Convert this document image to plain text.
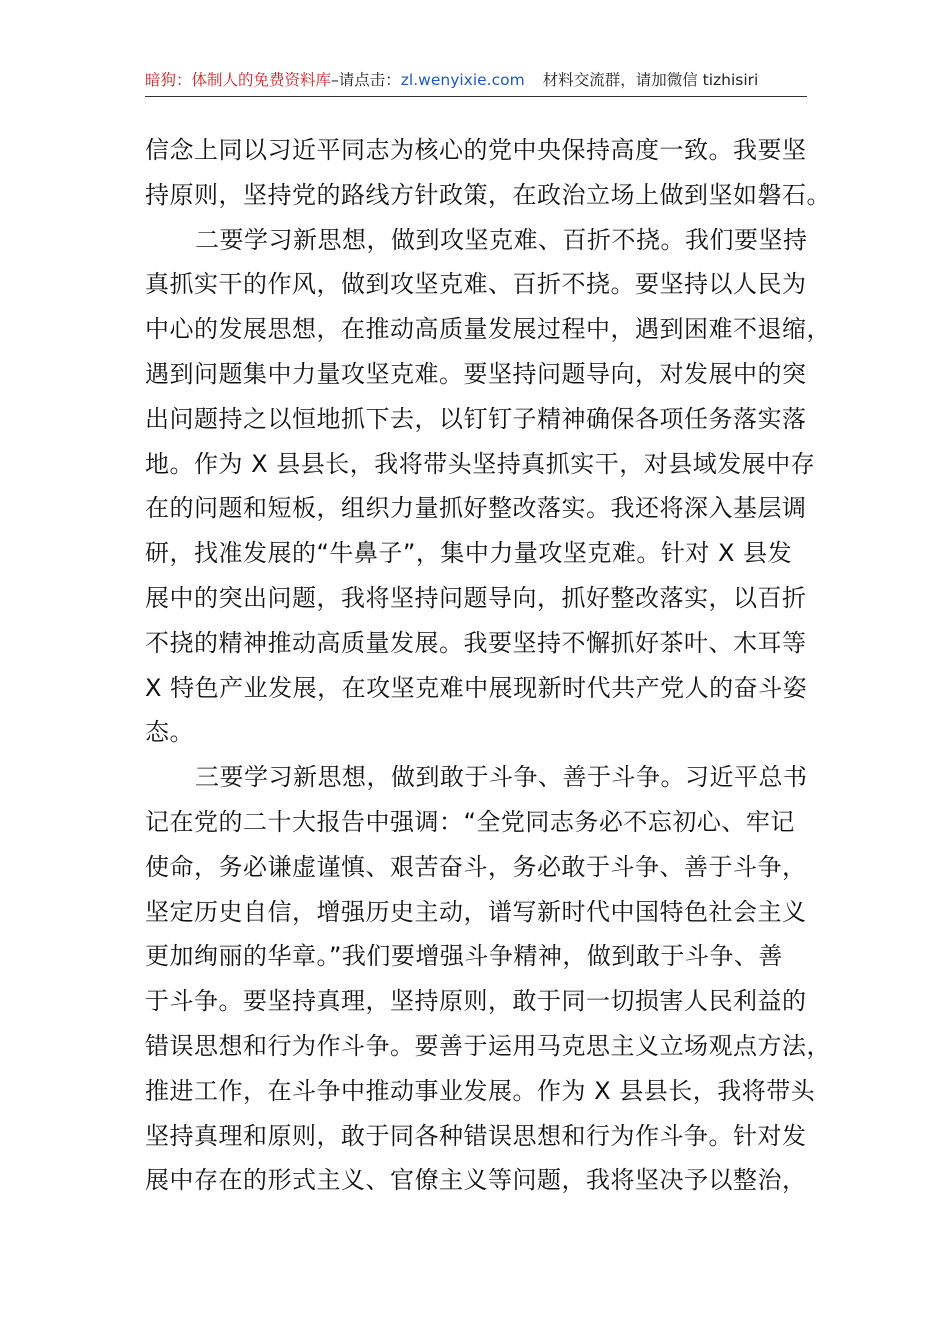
暗狗：体制人的免费资料库–请点击：zl.wenyixie.com 材料交流群，请加微信 tizhisiri
信念上同以习近平同志为核心的党中央保持高度一致。我要坚
持原则，坚持党的路线方针政策，在政治立场上做到坚如磐石。
二要学习新思想，做到攻坚克难、百折不挠。我们要坚持
真抓实干的作风，做到攻坚克难、百折不挠。要坚持以人民为
中心的发展思想，在推动高质量发展过程中，遇到困难不退缩，
遇到问题集中力量攻坚克难。要坚持问题导向，对发展中的突
出问题持之以恒地抓下去，以钉钉子精神确保各项任务落实落
地。作为 X 县县长，我将带头坚持真抓实干，对县域发展中存
在的问题和短板，组织力量抓好整改落实。我还将深入基层调
研，找准发展的“牛鼻子”，集中力量攻坚克难。针对 X 县发
展中的突出问题，我将坚持问题导向，抓好整改落实，以百折
不挠的精神推动高质量发展。我要坚持不懈抓好茶叶、木耳等
X 特色产业发展，在攻坚克难中展现新时代共产党人的奋斗姿
态。
三要学习新思想，做到敢于斗争、善于斗争。习近平总书
记在党的二十大报告中强调：“全党同志务必不忘初心、牢记
使命，务必谦虚谨慎、艰苦奋斗，务必敢于斗争、善于斗争，
坚定历史自信，增强历史主动，谱写新时代中国特色社会主义
更加绚丽的华章。”我们要增强斗争精神，做到敢于斗争、善
于斗争。要坚持真理，坚持原则，敢于同一切损害人民利益的
错误思想和行为作斗争。要善于运用马克思主义立场观点方法，
推进工作，在斗争中推动事业发展。作为 X 县县长，我将带头
坚持真理和原则，敢于同各种错误思想和行为作斗争。针对发
展中存在的形式主义、官僚主义等问题，我将坚决予以整治，
